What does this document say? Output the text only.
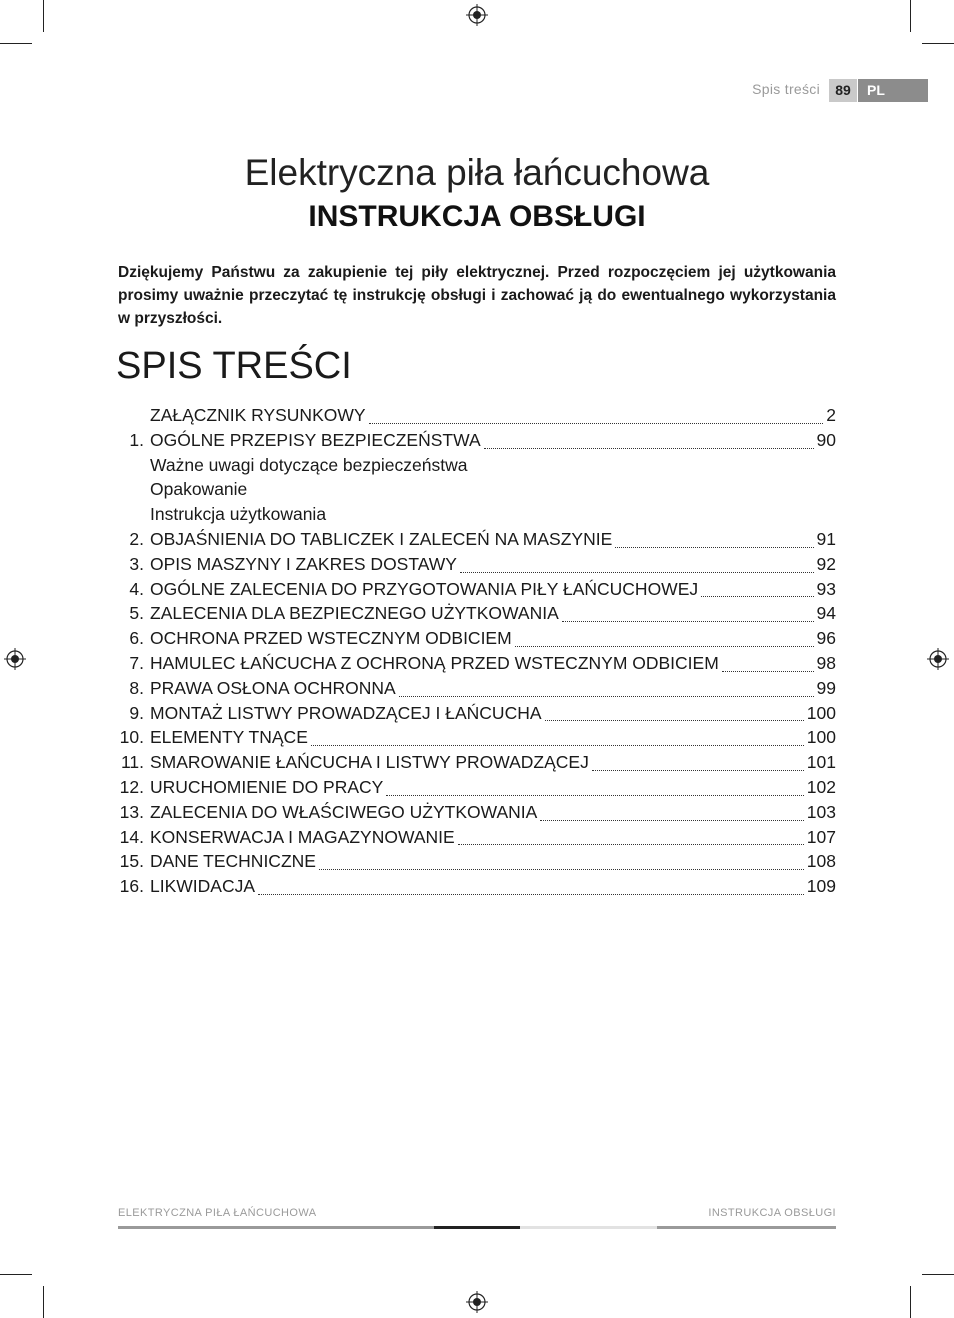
Spis treści	89	PL
Elektryczna piła łańcuchowa
INSTRUKCJA OBSŁUGI
Dziękujemy Państwu za zakupienie tej piły elektrycznej. Przed rozpoczęciem jej użytkowania prosimy uważnie przeczytać tę instrukcję obsługi i zachować ją do ewentualnego wykorzystania w przyszłości.
SPIS TREŚCI
ZAŁĄCZNIK RYSUNKOWY	2
1. OGÓLNE PRZEPISY BEZPIECZEŃSTWA	90
Ważne uwagi dotyczące bezpieczeństwa
Opakowanie
Instrukcja użytkowania
2. OBJAŚNIENIA DO TABLICZEK I ZALECEŃ NA MASZYNIE	91
3. OPIS MASZYNY I ZAKRES DOSTAWY	92
4. OGÓLNE ZALECENIA DO PRZYGOTOWANIA PIŁY ŁAŃCUCHOWEJ	93
5. ZALECENIA DLA BEZPIECZNEGO UŻYTKOWANIA	94
6. OCHRONA PRZED WSTECZNYM ODBICIEM	96
7. HAMULEC ŁAŃCUCHA Z OCHRONĄ PRZED WSTECZNYM ODBICIEM	98
8. PRAWA OSŁONA OCHRONNA	99
9. MONTAŻ LISTWY PROWADZĄCEJ I ŁAŃCUCHA	100
10. ELEMENTY TNĄCE	100
11. SMAROWANIE ŁAŃCUCHA I LISTWY PROWADZĄCEJ	101
12. URUCHOMIENIE DO PRACY	102
13. ZALECENIA DO WŁAŚCIWEGO UŻYTKOWANIA	103
14. KONSERWACJA I MAGAZYNOWANIE	107
15. DANE TECHNICZNE	108
16. LIKWIDACJA	109
ELEKTRYCZNA PIŁA ŁAŃCUCHOWA	INSTRUKCJA OBSŁUGI
